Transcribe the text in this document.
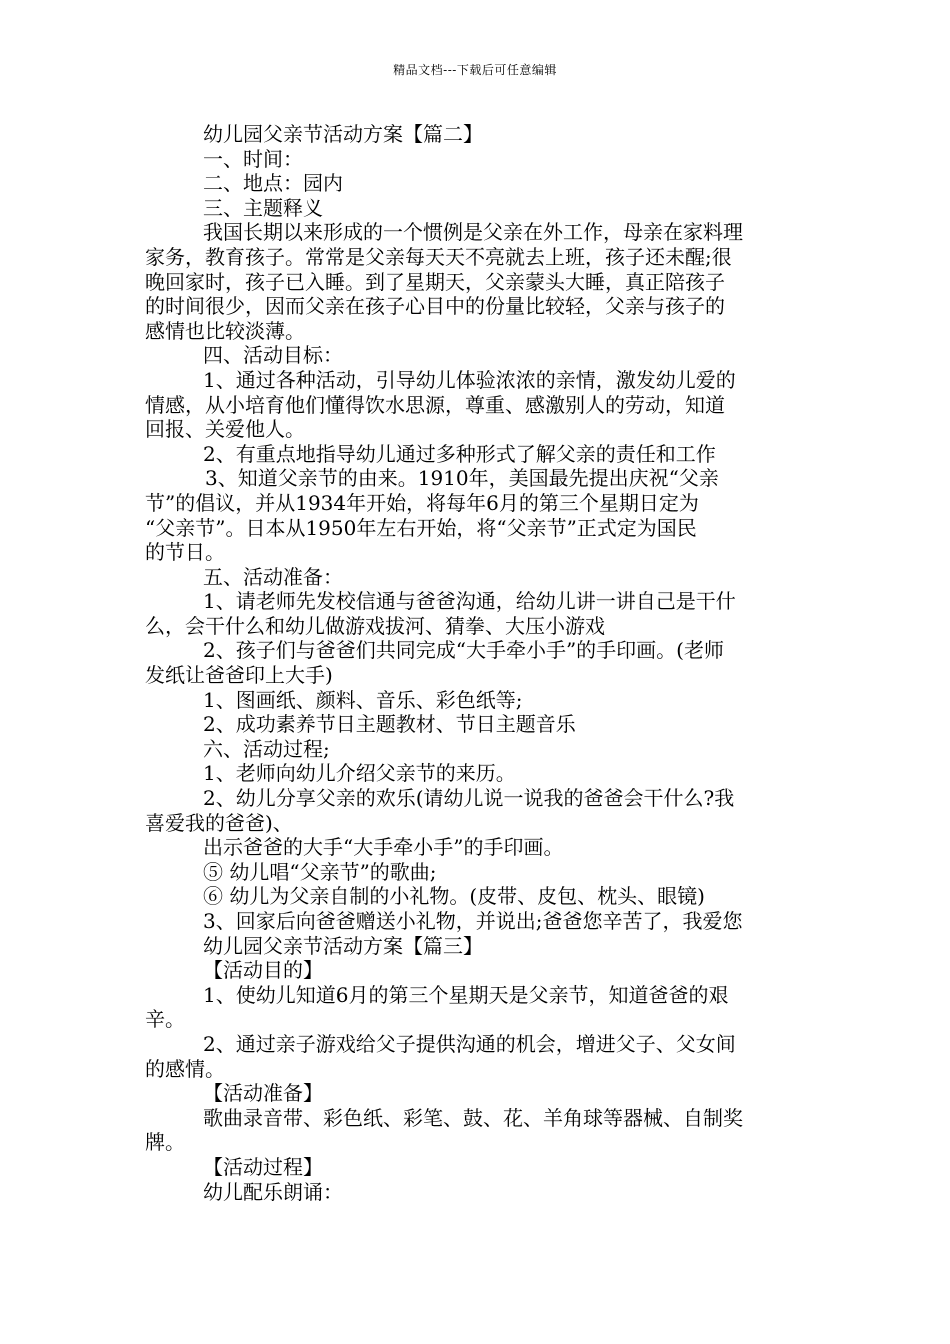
精品文档---下载后可任意编辑
幼儿园父亲节活动方案【篇二】
一、时间：
二、地点：园内
三、主题释义
我国长期以来形成的一个惯例是父亲在外工作，母亲在家料理
家务，教育孩子。常常是父亲每天天不亮就去上班，孩子还未醒;很
晚回家时，孩子已入睡。到了星期天，父亲蒙头大睡，真正陪孩子
的时间很少，因而父亲在孩子心目中的份量比较轻，父亲与孩子的
感情也比较淡薄。
四、活动目标：
1、通过各种活动，引导幼儿体验浓浓的亲情，激发幼儿爱的
情感，从小培育他们懂得饮水思源，尊重、感激别人的劳动，知道
回报、关爱他人。
2、有重点地指导幼儿通过多种形式了解父亲的责任和工作
3、知道父亲节的由来。1910年，美国最先提出庆祝“父亲
节”的倡议，并从1934年开始，将每年6月的第三个星期日定为
“父亲节”。日本从1950年左右开始，将“父亲节”正式定为国民
的节日。
五、活动准备：
1、请老师先发校信通与爸爸沟通，给幼儿讲一讲自己是干什
么，会干什么和幼儿做游戏拔河、猜拳、大压小游戏
2、孩子们与爸爸们共同完成“大手牵小手”的手印画。(老师
发纸让爸爸印上大手)
1、图画纸、颜料、音乐、彩色纸等;
2、成功素养节日主题教材、节日主题音乐
六、活动过程;
1、老师向幼儿介绍父亲节的来历。
2、幼儿分享父亲的欢乐(请幼儿说一说我的爸爸会干什么?我
喜爱我的爸爸)、
出示爸爸的大手“大手牵小手”的手印画。
⑤ 幼儿唱“父亲节”的歌曲;
⑥ 幼儿为父亲自制的小礼物。(皮带、皮包、枕头、眼镜)
3、回家后向爸爸赠送小礼物，并说出;爸爸您辛苦了，我爱您
幼儿园父亲节活动方案【篇三】
【活动目的】
1、使幼儿知道6月的第三个星期天是父亲节，知道爸爸的艰
辛。
2、通过亲子游戏给父子提供沟通的机会，增进父子、父女间
的感情。
【活动准备】
歌曲录音带、彩色纸、彩笔、鼓、花、羊角球等器械、自制奖
牌。
【活动过程】
幼儿配乐朗诵：
